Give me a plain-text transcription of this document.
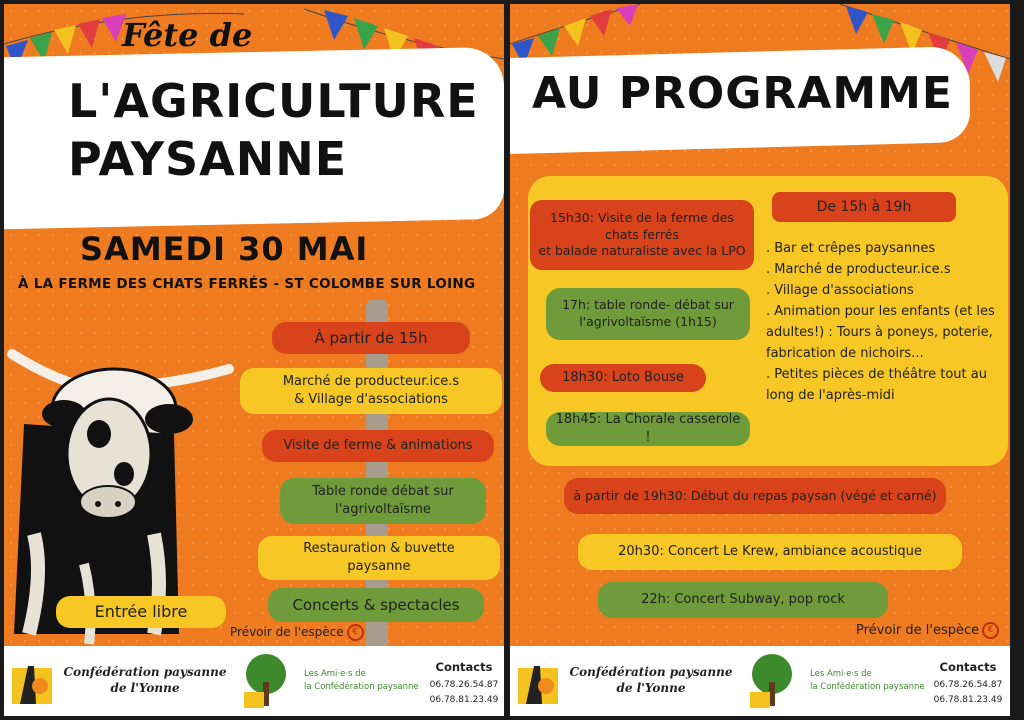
Fête de
L'AGRICULTURE
PAYSANNE
SAMEDI 30 MAI
À LA FERME DES CHATS FERRÉS - ST COLOMBE SUR LOING
À partir de 15h
Marché de producteur.ice.s
& Village d'associations
Visite de ferme & animations
Table ronde débat sur
l'agrivoltaïsme
Restauration & buvette
paysanne
Concerts & spectacles
Entrée libre
Prévoir de l'espèce €
Confédération paysanne
de l'Yonne
Les Ami·e·s de
la Confédération paysanne
Contacts
06.78.26.54.87
06.78.81.23.49
AU PROGRAMME
15h30: Visite de la ferme des
chats ferrés
et balade naturaliste avec la LPO
17h: table ronde- débat sur
l'agrivoltaïsme (1h15)
18h30: Loto Bouse
18h45: La Chorale casserole !
De 15h à 19h
. Bar et crêpes paysannes
. Marché de producteur.ice.s
. Village d'associations
. Animation pour les enfants (et les adultes!) : Tours à poneys, poterie, fabrication de nichoirs...
. Petites pièces de théâtre tout au long de l'après-midi
à partir de 19h30: Début du repas paysan (végé et carné)
20h30: Concert Le Krew, ambiance acoustique
22h: Concert Subway, pop rock
Prévoir de l'espèce €
Confédération paysanne
de l'Yonne
Les Ami·e·s de
la Confédération paysanne
Contacts
06.78.26.54.87
06.78.81.23.49
